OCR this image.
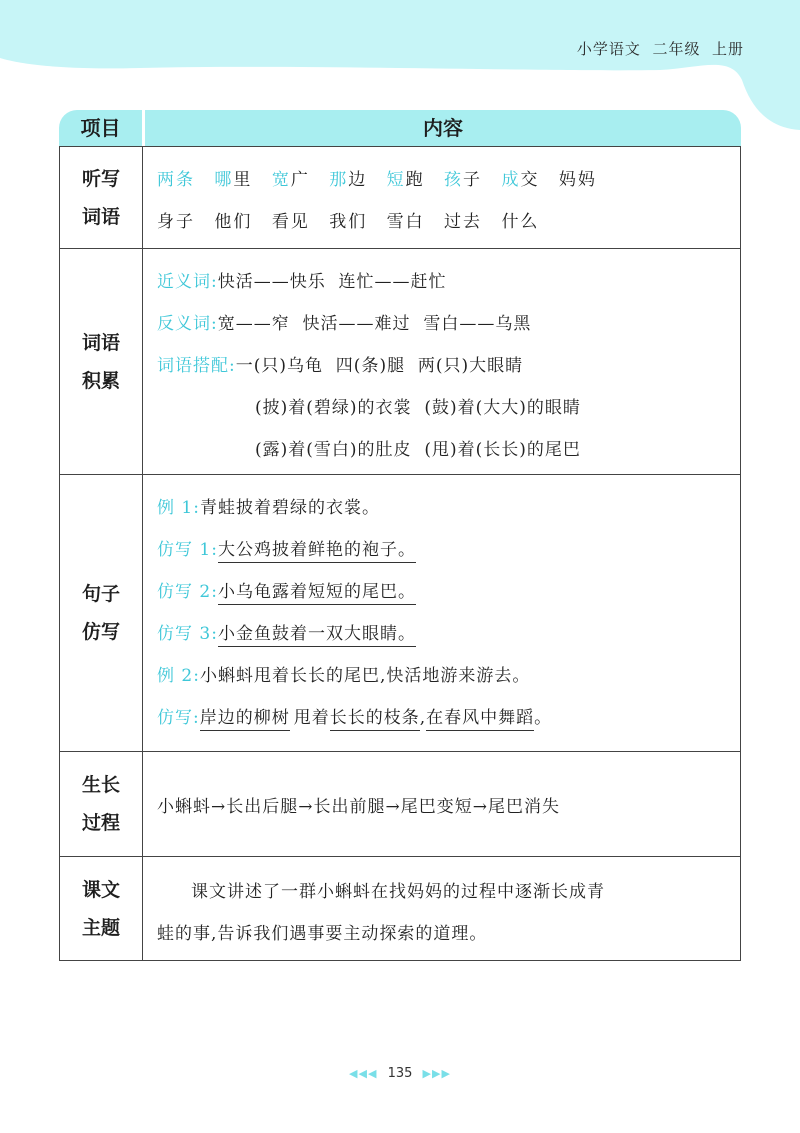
小学语文  二年级  上册
项目	内容
听写
词语
两条 哪里 宽广 那边 短跑 孩子 成交 妈妈
身子 他们 看见 我们 雪白 过去 什么
词语
积累
近义词:快活——快乐  连忙——赶忙
反义词:宽——窄  快活——难过  雪白——乌黑
词语搭配:一(只)乌龟  四(条)腿  两(只)大眼睛
(披)着(碧绿)的衣裳  (鼓)着(大大)的眼睛
(露)着(雪白)的肚皮  (甩)着(长长)的尾巴
句子
仿写
例 1:青蛙披着碧绿的衣裳。
仿写 1:大公鸡披着鲜艳的袍子。
仿写 2:小乌龟露着短短的尾巴。
仿写 3:小金鱼鼓着一双大眼睛。
例 2:小蝌蚪甩着长长的尾巴,快活地游来游去。
仿写:岸边的柳树 甩着长长的枝条,在春风中舞蹈。
生长
过程
小蝌蚪→长出后腿→长出前腿→尾巴变短→尾巴消失
课文
主题
课文讲述了一群小蝌蚪在找妈妈的过程中逐渐长成青
蛙的事,告诉我们遇事要主动探索的道理。
◀◀◀ 135 ▶▶▶
